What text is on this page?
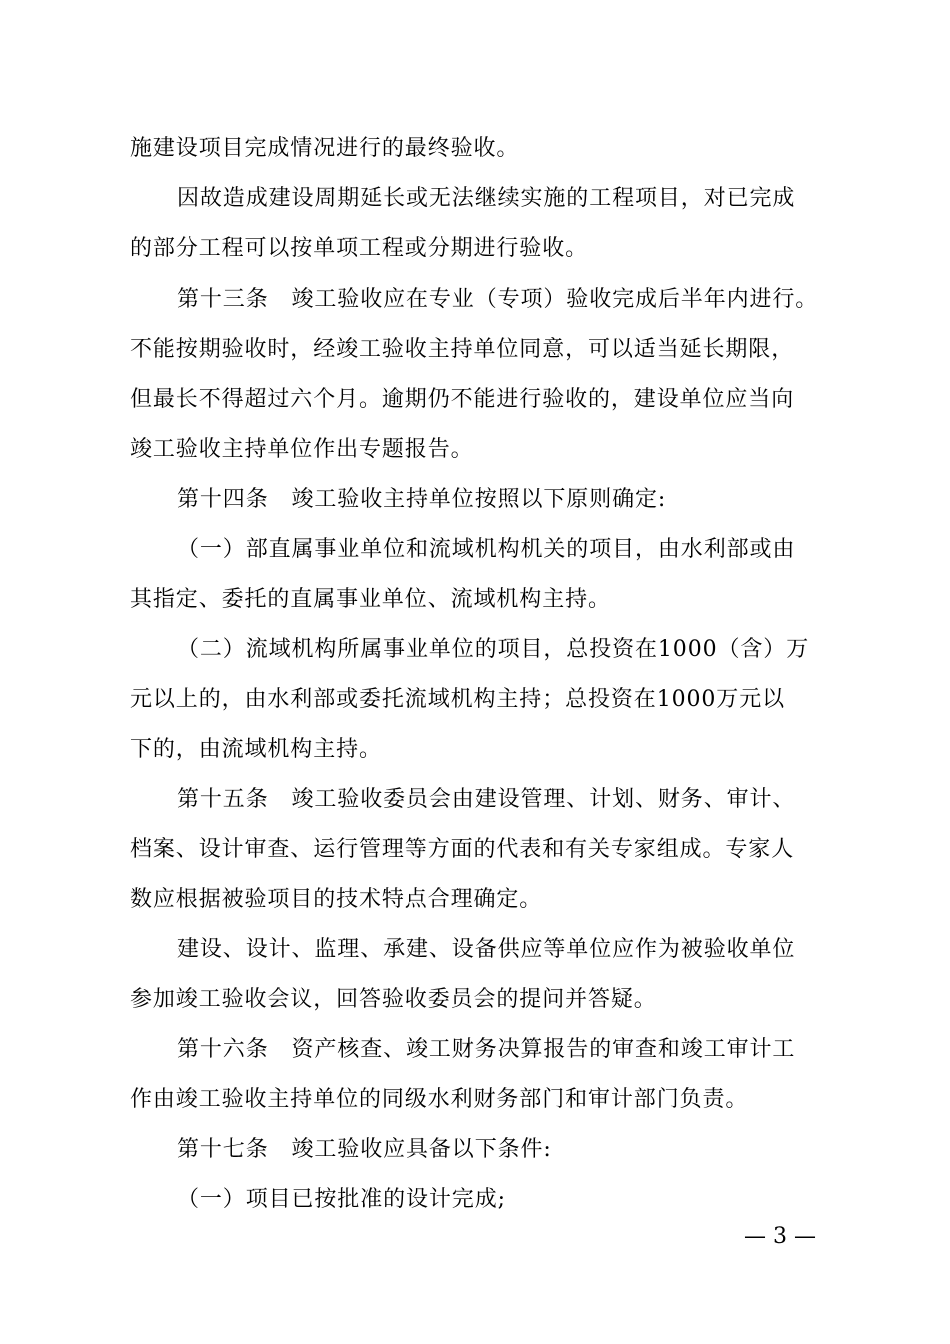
施建设项目完成情况进行的最终验收。
因故造成建设周期延长或无法继续实施的工程项目，对已完成
的部分工程可以按单项工程或分期进行验收。
第十三条　竣工验收应在专业（专项）验收完成后半年内进行。
不能按期验收时，经竣工验收主持单位同意，可以适当延长期限，
但最长不得超过六个月。逾期仍不能进行验收的，建设单位应当向
竣工验收主持单位作出专题报告。
第十四条　竣工验收主持单位按照以下原则确定:
（一）部直属事业单位和流域机构机关的项目，由水利部或由
其指定、委托的直属事业单位、流域机构主持。
（二）流域机构所属事业单位的项目，总投资在1000（含）万
元以上的，由水利部或委托流域机构主持；总投资在1000万元以
下的，由流域机构主持。
第十五条　竣工验收委员会由建设管理、计划、财务、审计、
档案、设计审查、运行管理等方面的代表和有关专家组成。专家人
数应根据被验项目的技术特点合理确定。
建设、设计、监理、承建、设备供应等单位应作为被验收单位
参加竣工验收会议，回答验收委员会的提问并答疑。
第十六条　资产核查、竣工财务决算报告的审查和竣工审计工
作由竣工验收主持单位的同级水利财务部门和审计部门负责。
第十七条　竣工验收应具备以下条件:
（一）项目已按批准的设计完成;
— 3 —
